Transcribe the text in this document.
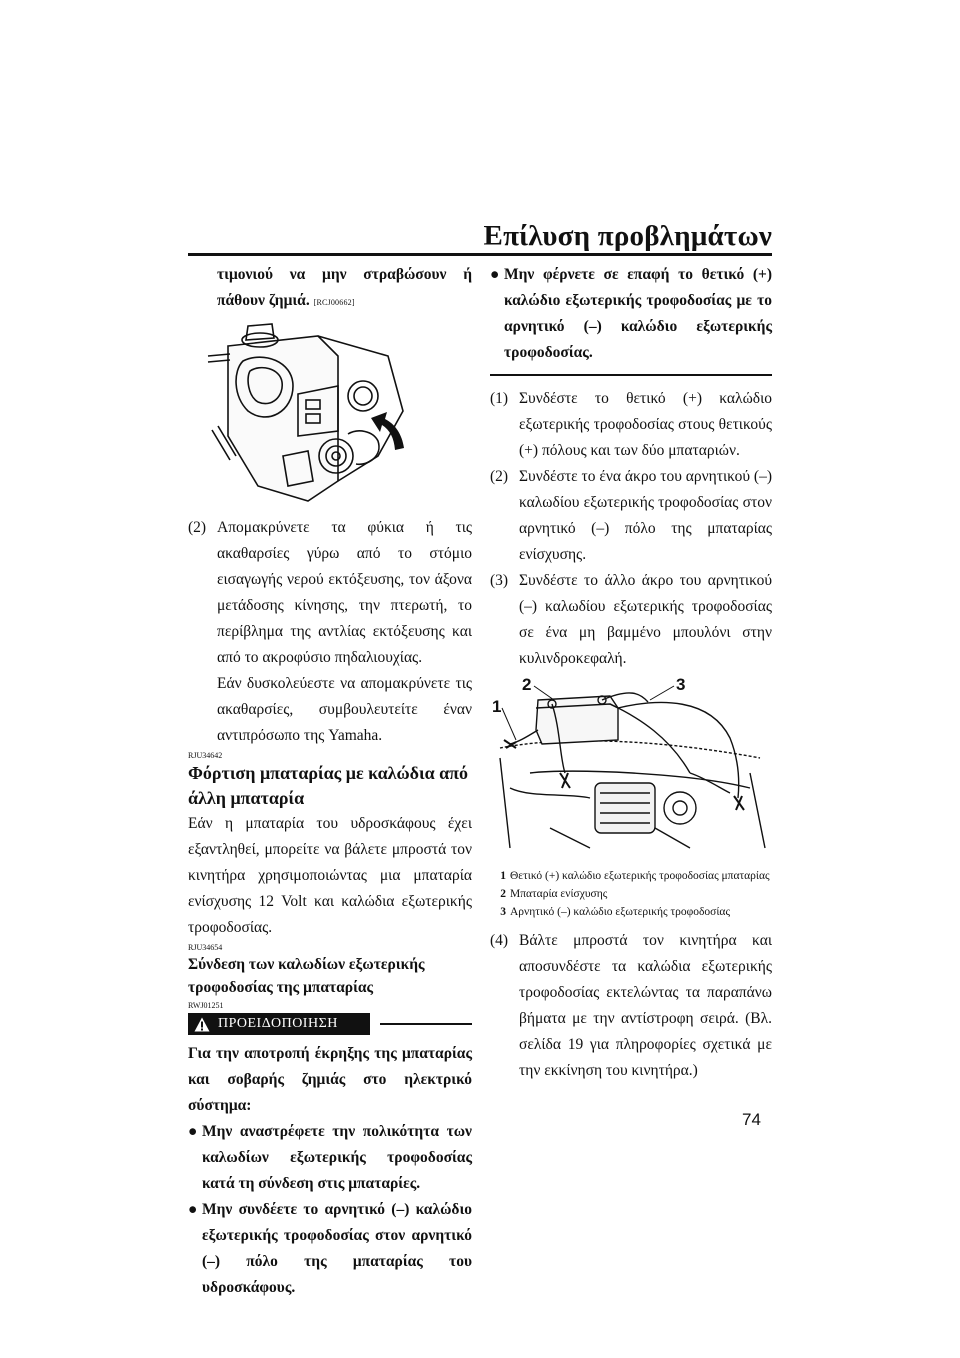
Επίλυση προβλημάτων

τιμονιού να μην στραβώσουν ή πάθουν ζημιά. [RCJ00662]

(2) Απομακρύνετε τα φύκια ή τις ακαθαρσίες γύρω από το στόμιο εισαγωγής νερού εκτόξευσης, τον άξονα μετάδοσης κίνησης, την πτερωτή, το περίβλημα της αντλίας εκτόξευσης και από το ακροφύσιο πηδαλιουχίας.

Εάν δυσκολεύεστε να απομακρύνετε τις ακαθαρσίες, συμβουλευτείτε έναν αντιπρόσωπο της Yamaha.

RJU34642
Φόρτιση μπαταρίας με καλώδια από άλλη μπαταρία

Εάν η μπαταρία του υδροσκάφους έχει εξαντληθεί, μπορείτε να βάλετε μπροστά τον κινητήρα χρησιμοποιώντας μια μπαταρία ενίσχυσης 12 Volt και καλώδια εξωτερικής τροφοδοσίας.

RJU34654
Σύνδεση των καλωδίων εξωτερικής τροφοδοσίας της μπαταρίας
RWJ01251
ΠΡΟΕΙΔΟΠΟΙΗΣΗ

Για την αποτροπή έκρηξης της μπαταρίας και σοβαρής ζημιάς στο ηλεκτρικό σύστημα:

● Μην αναστρέφετε την πολικότητα των καλωδίων εξωτερικής τροφοδοσίας κατά τη σύνδεση στις μπαταρίες.

● Μην συνδέετε το αρνητικό (–) καλώδιο εξωτερικής τροφοδοσίας στον αρνητικό (–) πόλο της μπαταρίας του υδροσκάφους.

● Μην φέρνετε σε επαφή το θετικό (+) καλώδιο εξωτερικής τροφοδοσίας με το αρνητικό (–) καλώδιο εξωτερικής τροφοδοσίας.

(1) Συνδέστε το θετικό (+) καλώδιο εξωτερικής τροφοδοσίας στους θετικούς (+) πόλους και των δύο μπαταριών.

(2) Συνδέστε το ένα άκρο του αρνητικού (–) καλωδίου εξωτερικής τροφοδοσίας στον αρνητικό (–) πόλο της μπαταρίας ενίσχυσης.

(3) Συνδέστε το άλλο άκρο του αρνητικού (–) καλωδίου εξωτερικής τροφοδοσίας σε ένα μη βαμμένο μπουλόνι στην κυλινδροκεφαλή.

1
2	3
1 Θετικό (+) καλώδιο εξωτερικής τροφοδοσίας μπαταρίας
2 Μπαταρία ενίσχυσης
3 Αρνητικό (–) καλώδιο εξωτερικής τροφοδοσίας
(4) Βάλτε μπροστά τον κινητήρα και αποσυνδέστε τα καλώδια εξωτερικής τροφοδοσίας εκτελώντας τα παραπάνω βήματα με την αντίστροφη σειρά. (Βλ. σελίδα 19 για πληροφορίες σχετικά με την εκκίνηση του κινητήρα.)

74
